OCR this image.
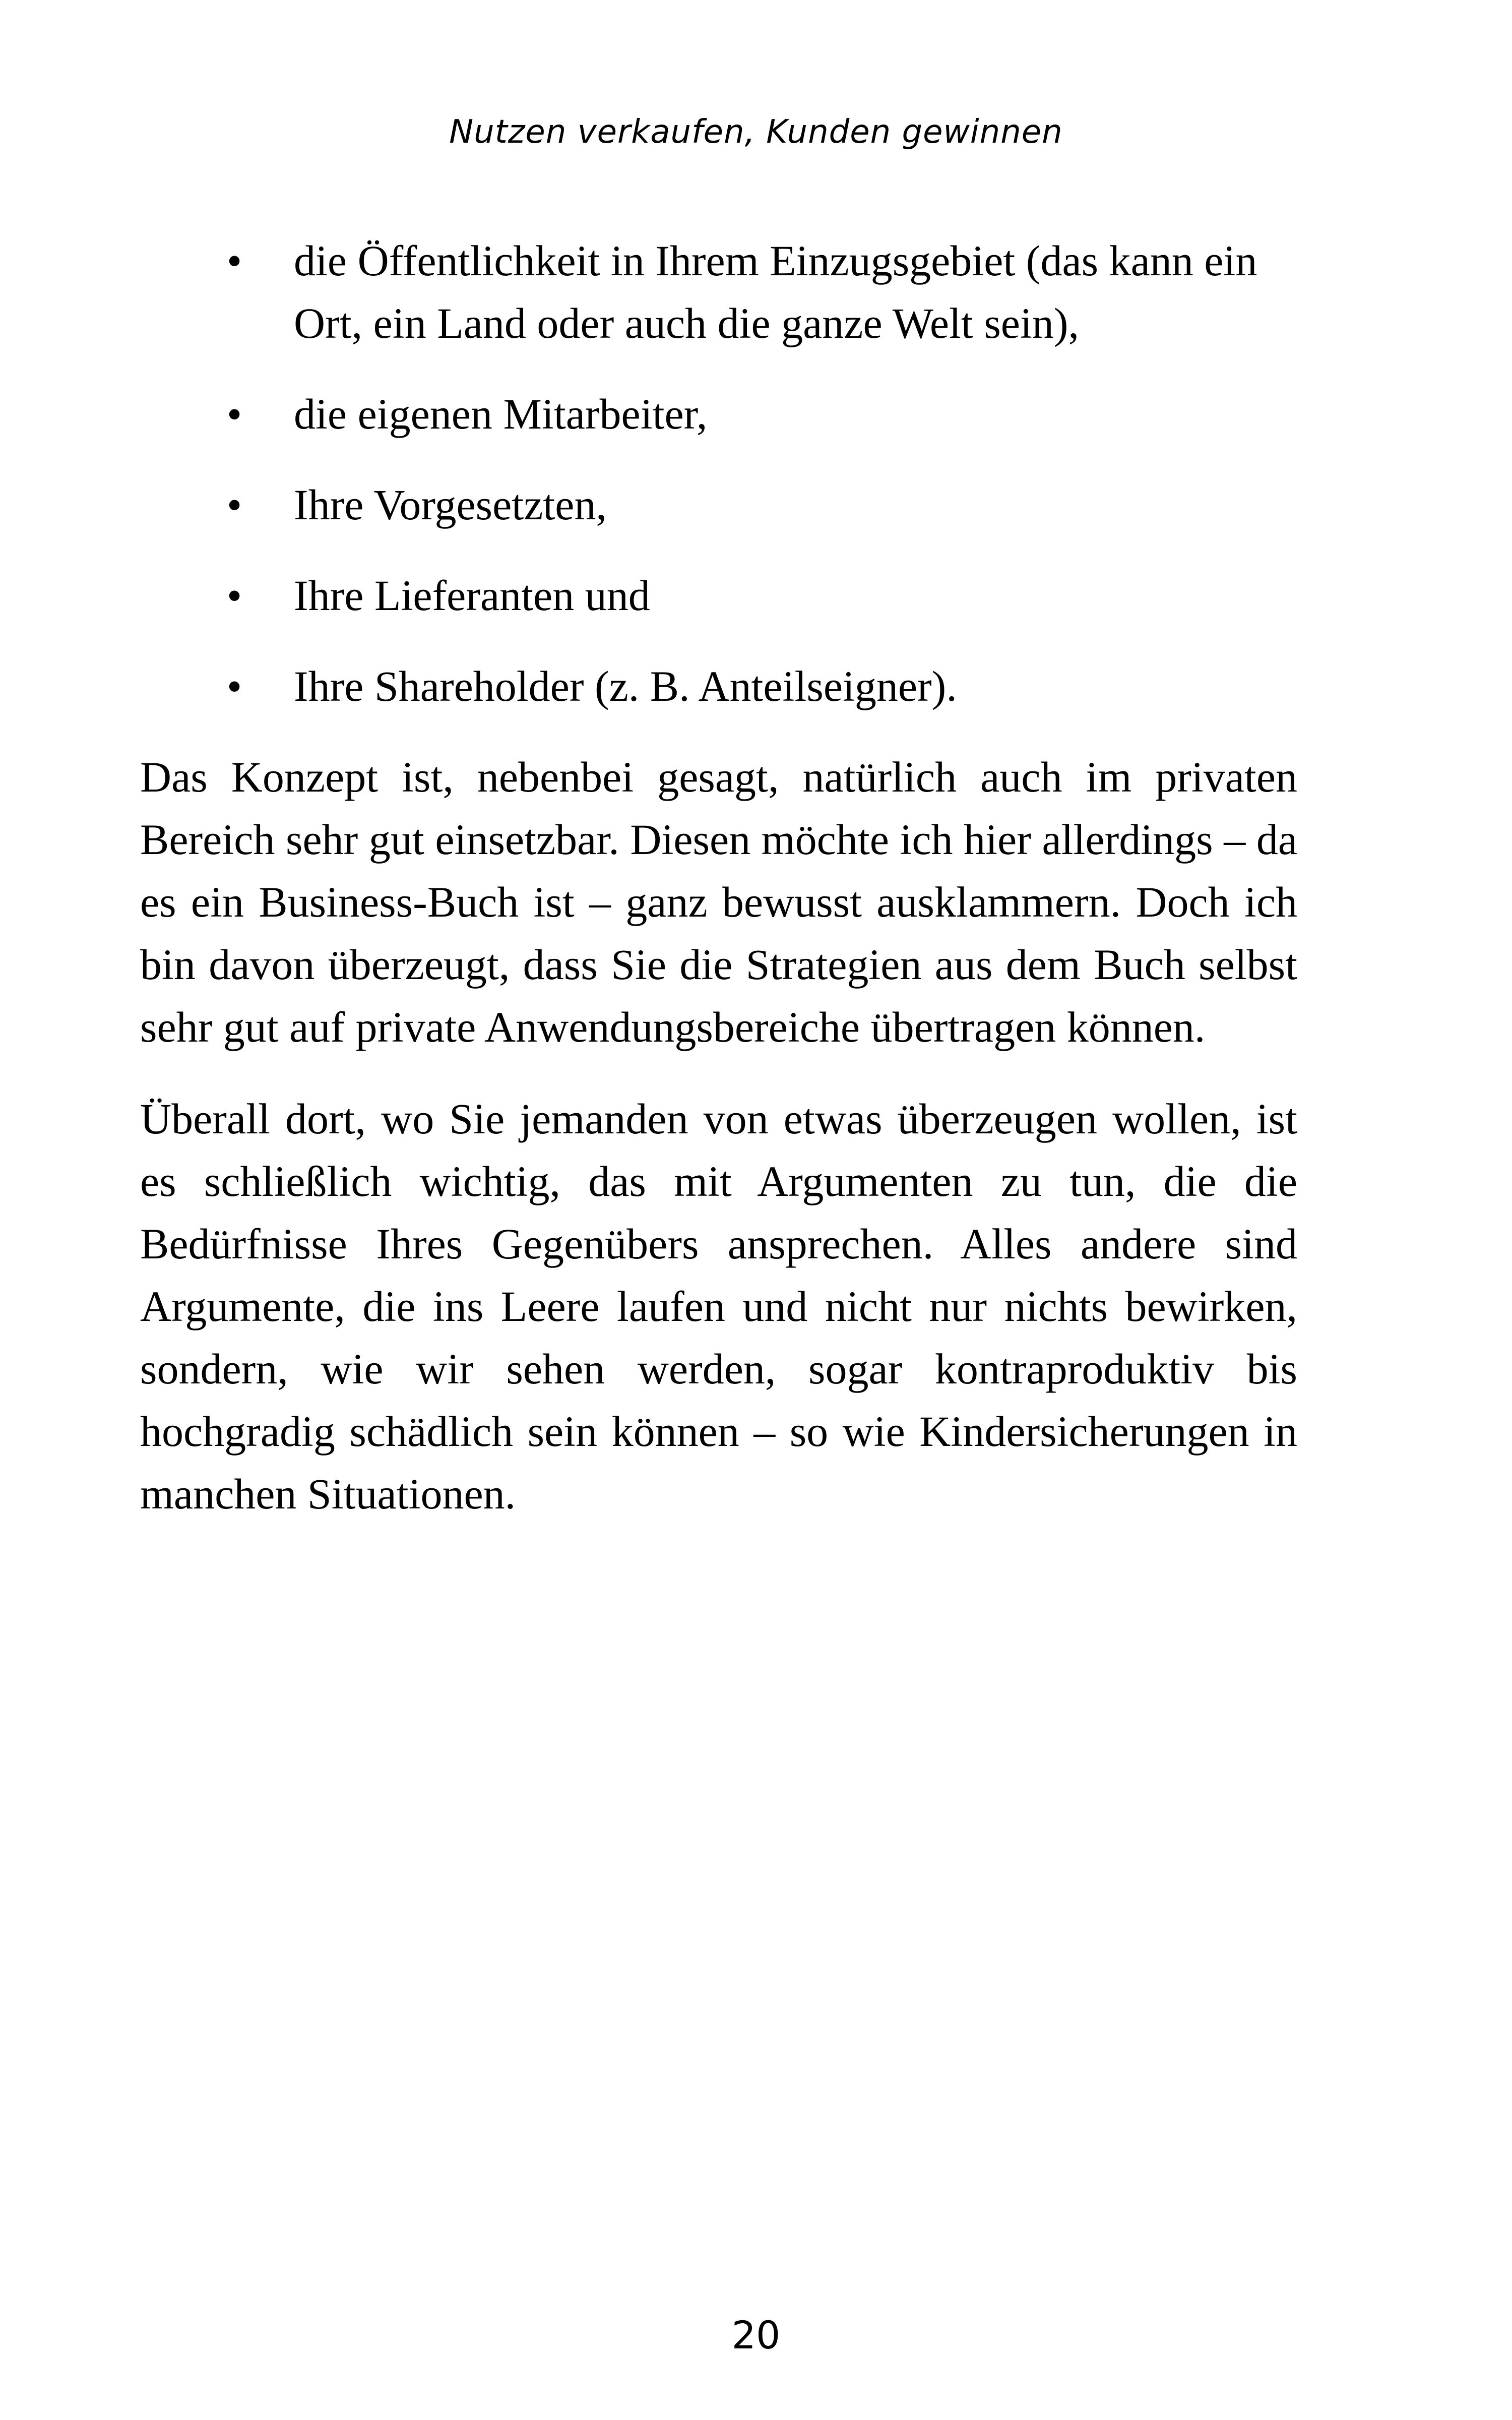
Nutzen verkaufen, Kunden gewinnen
• die Öffentlichkeit in Ihrem Einzugsgebiet (das kann ein Ort, ein Land oder auch die ganze Welt sein),
• die eigenen Mitarbeiter,
• Ihre Vorgesetzten,
• Ihre Lieferanten und
• Ihre Shareholder (z. B. Anteilseigner).

Das Konzept ist, nebenbei gesagt, natürlich auch im privaten Bereich sehr gut einsetzbar. Diesen möchte ich hier allerdings – da es ein Business-Buch ist – ganz bewusst ausklammern. Doch ich bin davon überzeugt, dass Sie die Strategien aus dem Buch selbst sehr gut auf private Anwendungsbereiche übertragen können.

Überall dort, wo Sie jemanden von etwas überzeugen wollen, ist es schließlich wichtig, das mit Argumenten zu tun, die die Bedürfnisse Ihres Gegenübers ansprechen. Alles andere sind Argumente, die ins Leere laufen und nicht nur nichts bewirken, sondern, wie wir sehen werden, sogar kontraproduktiv bis hochgradig schädlich sein können – so wie Kindersicherungen in manchen Situationen.

20
